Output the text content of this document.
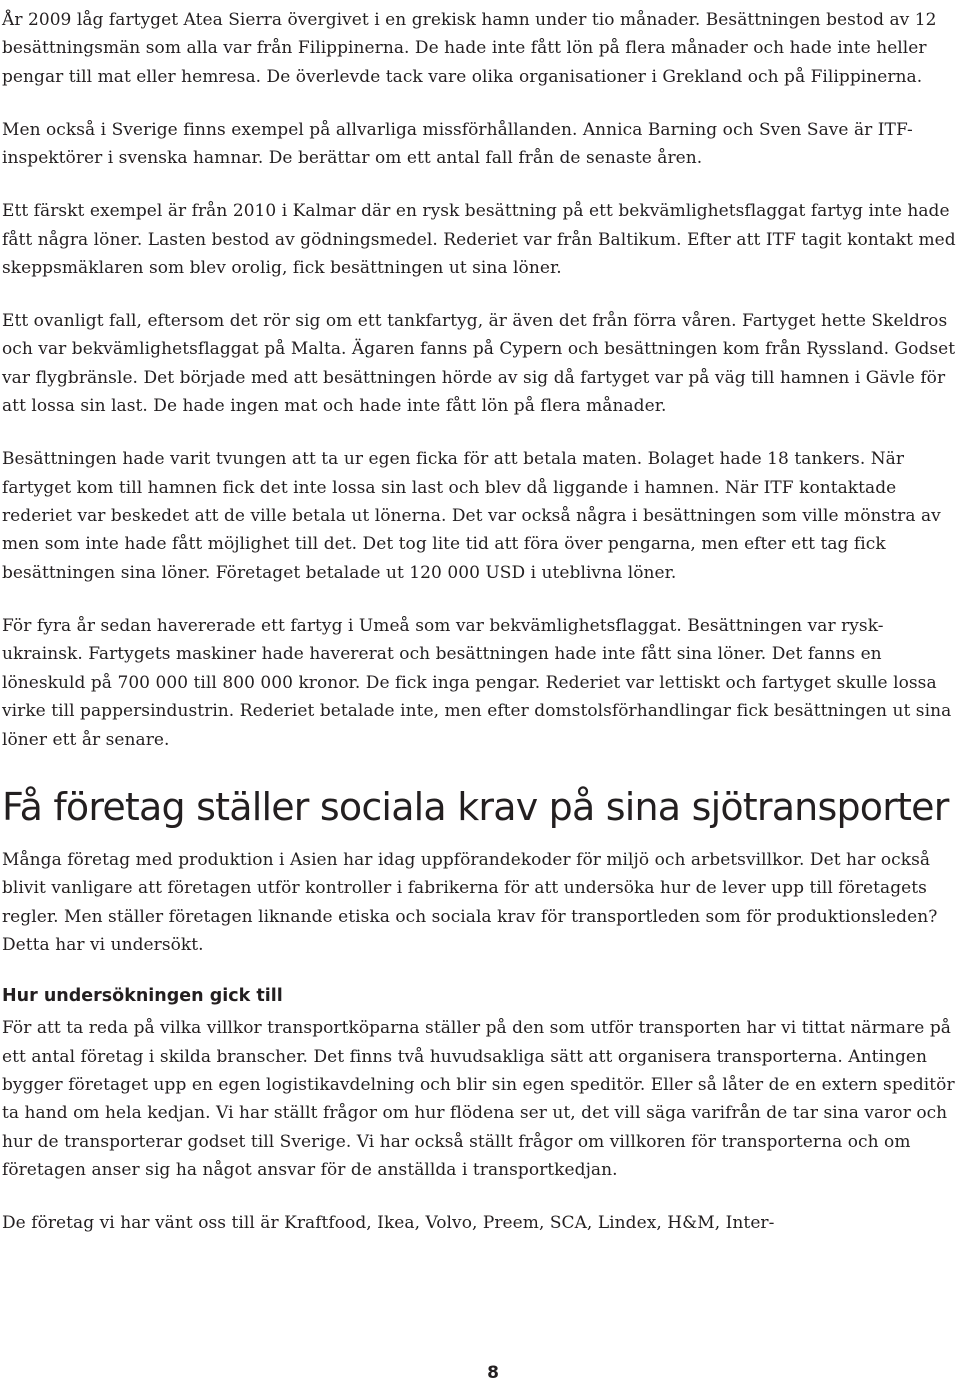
År 2009 låg fartyget Atea Sierra övergivet i en grekisk hamn under tio månader. Besättningen bestod av 12 besättningsmän som alla var från Filippinerna. De hade inte fått lön på flera månader och hade inte heller pengar till mat eller hemresa. De överlevde tack vare olika organisationer i Grekland och på Filippinerna.

Men också i Sverige finns exempel på allvarliga missförhållanden. Annica Barning och Sven Save är ITF-inspektörer i svenska hamnar. De berättar om ett antal fall från de senaste åren.

Ett färskt exempel är från 2010 i Kalmar där en rysk besättning på ett bekvämlighetsflaggat fartyg inte hade fått några löner. Lasten bestod av gödningsmedel. Rederiet var från Baltikum. Efter att ITF tagit kontakt med skeppsmäklaren som blev orolig, fick besättningen ut sina löner.

Ett ovanligt fall, eftersom det rör sig om ett tankfartyg, är även det från förra våren. Fartyget hette Skeldros och var bekvämlighetsflaggat på Malta. Ägaren fanns på Cypern och besättningen kom från Ryssland. Godset var flygbränsle. Det började med att besättningen hörde av sig då fartyget var på väg till hamnen i Gävle för att lossa sin last. De hade ingen mat och hade inte fått lön på flera månader.

Besättningen hade varit tvungen att ta ur egen ficka för att betala maten. Bolaget hade 18 tankers. När fartyget kom till hamnen fick det inte lossa sin last och blev då liggande i hamnen. När ITF kontaktade rederiet var beskedet att de ville betala ut lönerna. Det var också några i besättningen som ville mönstra av men som inte hade fått möjlighet till det. Det tog lite tid att föra över pengarna, men efter ett tag fick besättningen sina löner. Företaget betalade ut 120 000 USD i uteblivna löner.

För fyra år sedan havererade ett fartyg i Umeå som var bekvämlighetsflaggat. Besättningen var rysk-ukrainsk. Fartygets maskiner hade havererat och besättningen hade inte fått sina löner. Det fanns en löneskuld på 700 000 till 800 000 kronor. De fick inga pengar. Rederiet var lettiskt och fartyget skulle lossa virke till pappersindustrin. Rederiet betalade inte, men efter domstolsförhandlingar fick besättningen ut sina löner ett år senare.

Få företag ställer sociala krav på sina sjötransporter

Många företag med produktion i Asien har idag uppförandekoder för miljö och arbetsvillkor. Det har också blivit vanligare att företagen utför kontroller i fabrikerna för att undersöka hur de lever upp till företagets regler. Men ställer företagen liknande etiska och sociala krav för transportleden som för produktionsleden? Detta har vi undersökt.

Hur undersökningen gick till

För att ta reda på vilka villkor transportköparna ställer på den som utför transporten har vi tittat närmare på ett antal företag i skilda branscher. Det finns två huvudsakliga sätt att organisera transporterna. Antingen bygger företaget upp en egen logistikavdelning och blir sin egen speditör. Eller så låter de en extern speditör ta hand om hela kedjan. Vi har ställt frågor om hur flödena ser ut, det vill säga varifrån de tar sina varor och hur de transporterar godset till Sverige. Vi har också ställt frågor om villkoren för transporterna och om företagen anser sig ha något ansvar för de anställda i transportkedjan.

De företag vi har vänt oss till är Kraftfood, Ikea, Volvo, Preem, SCA, Lindex, H&M, Inter-

8
